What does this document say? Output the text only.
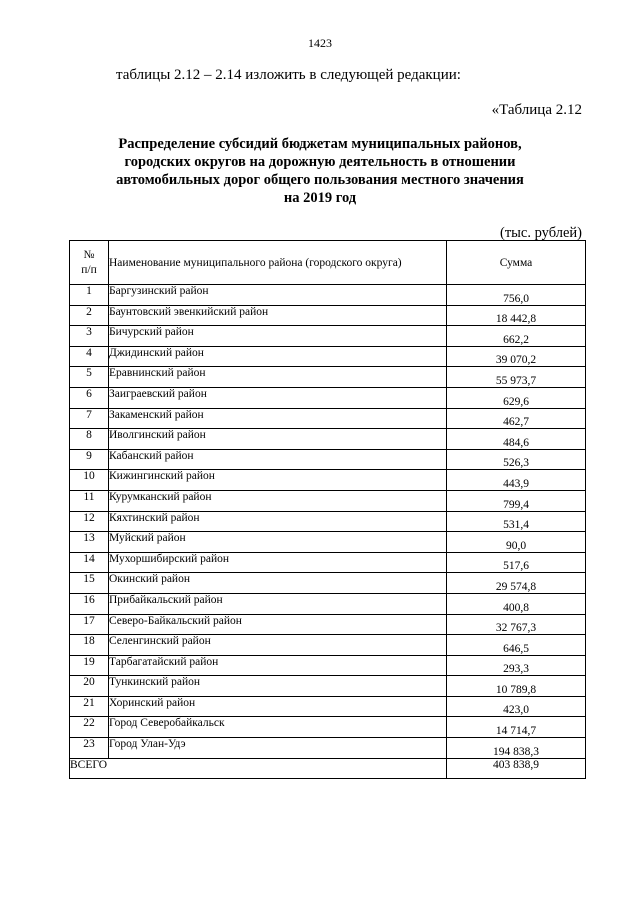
1423
таблицы 2.12 – 2.14 изложить в следующей редакции:
«Таблица 2.12
Распределение субсидий бюджетам муниципальных районов,
городских округов на дорожную деятельность в отношении
автомобильных дорог общего пользования местного значения
на 2019 год
(тыс. рублей)
№
п/п	Наименование муниципального района (городского округа)	Сумма
1	Баргузинский район	756,0
2	Баунтовский эвенкийский район	18 442,8
3	Бичурский район	662,2
4	Джидинский район	39 070,2
5	Еравнинский район	55 973,7
6	Заиграевский район	629,6
7	Закаменский район	462,7
8	Иволгинский район	484,6
9	Кабанский район	526,3
10	Кижингинский район	443,9
11	Курумканский район	799,4
12	Кяхтинский район	531,4
13	Муйский район	90,0
14	Мухоршибирский район	517,6
15	Окинский район	29 574,8
16	Прибайкальский район	400,8
17	Северо-Байкальский район	32 767,3
18	Селенгинский район	646,5
19	Тарбагатайский район	293,3
20	Тункинский район	10 789,8
21	Хоринский район	423,0
22	Город Северобайкальск	14 714,7
23	Город Улан-Удэ	194 838,3
ВСЕГО		403 838,9
